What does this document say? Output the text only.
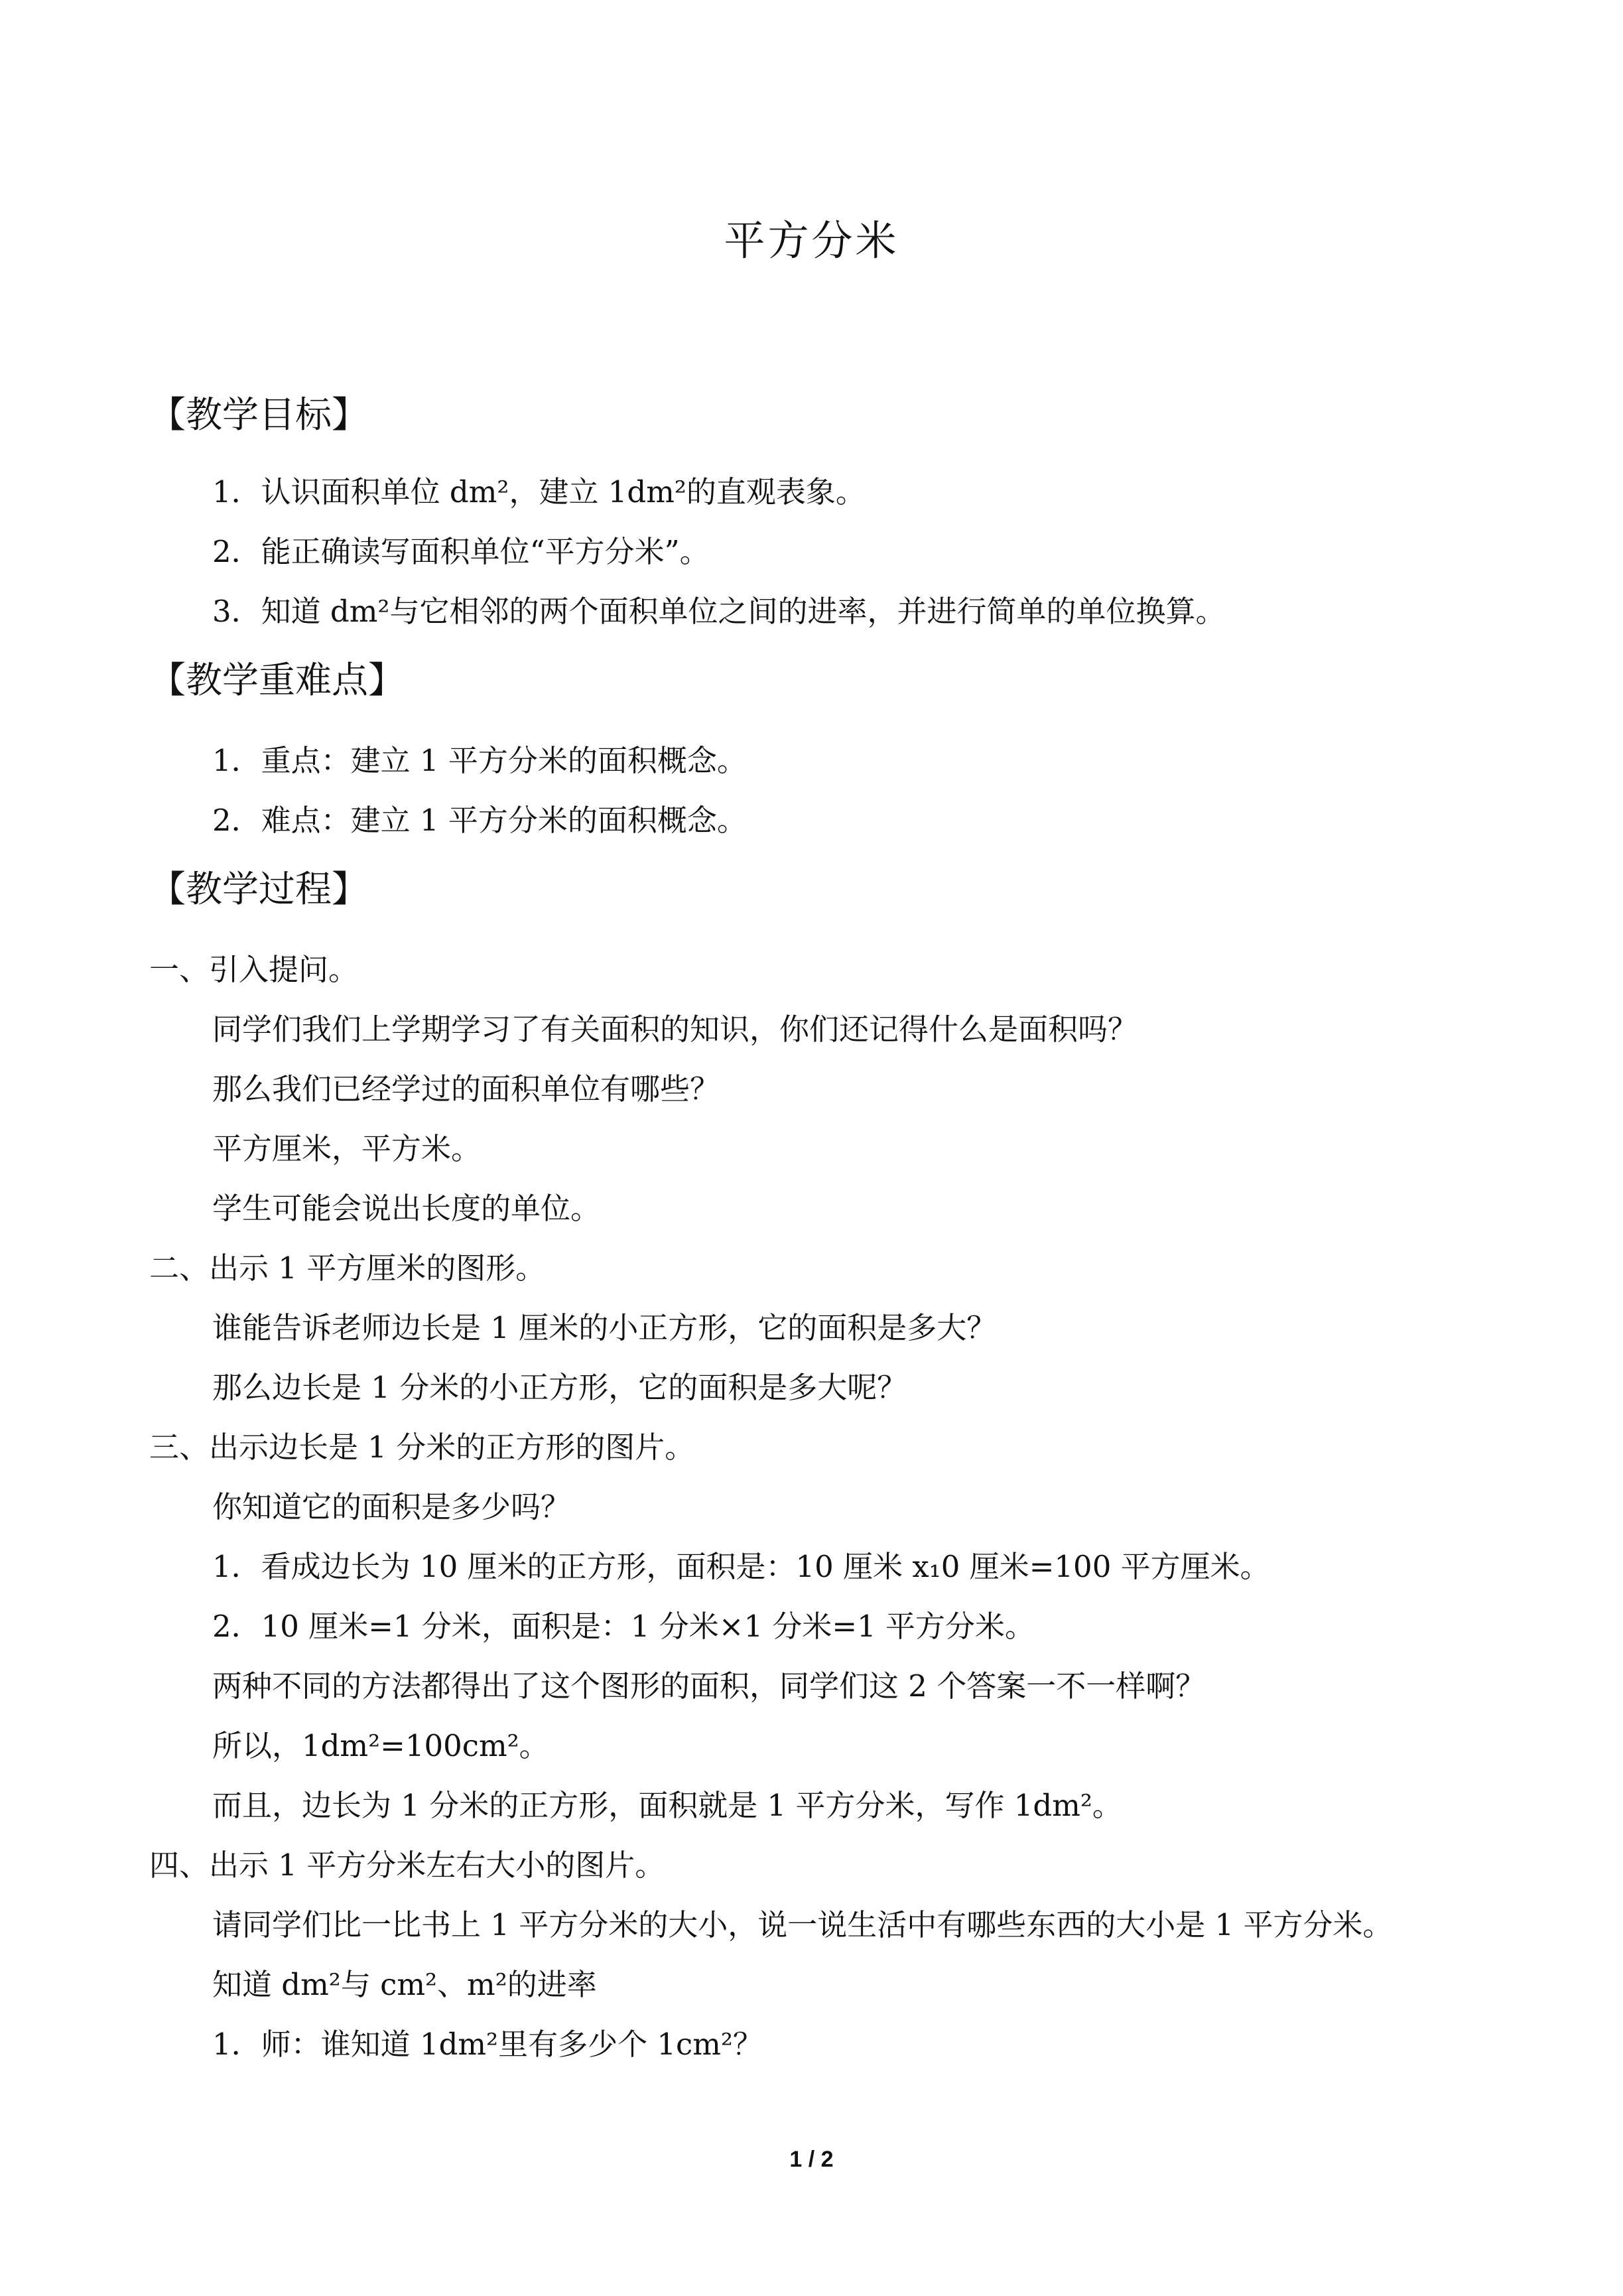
平方分米
【教学目标】
1．认识面积单位 dm²，建立 1dm²的直观表象。
2．能正确读写面积单位“平方分米”。
3．知道 dm²与它相邻的两个面积单位之间的进率，并进行简单的单位换算。
【教学重难点】
1．重点：建立 1 平方分米的面积概念。
2．难点：建立 1 平方分米的面积概念。
【教学过程】
一、引入提问。
同学们我们上学期学习了有关面积的知识，你们还记得什么是面积吗？
那么我们已经学过的面积单位有哪些？
平方厘米，平方米。
学生可能会说出长度的单位。
二、出示 1 平方厘米的图形。
谁能告诉老师边长是 1 厘米的小正方形，它的面积是多大？
那么边长是 1 分米的小正方形，它的面积是多大呢？
三、出示边长是 1 分米的正方形的图片。
你知道它的面积是多少吗？
1．看成边长为 10 厘米的正方形，面积是：10 厘米 x₁0 厘米=100 平方厘米。
2．10 厘米=1 分米，面积是：1 分米×1 分米=1 平方分米。
两种不同的方法都得出了这个图形的面积，同学们这 2 个答案一不一样啊？
所以，1dm²=100cm²。
而且，边长为 1 分米的正方形，面积就是 1 平方分米，写作 1dm²。
四、出示 1 平方分米左右大小的图片。
请同学们比一比书上 1 平方分米的大小，说一说生活中有哪些东西的大小是 1 平方分米。
知道 dm²与 cm²、m²的进率
1．师：谁知道 1dm²里有多少个 1cm²？
1 / 2
